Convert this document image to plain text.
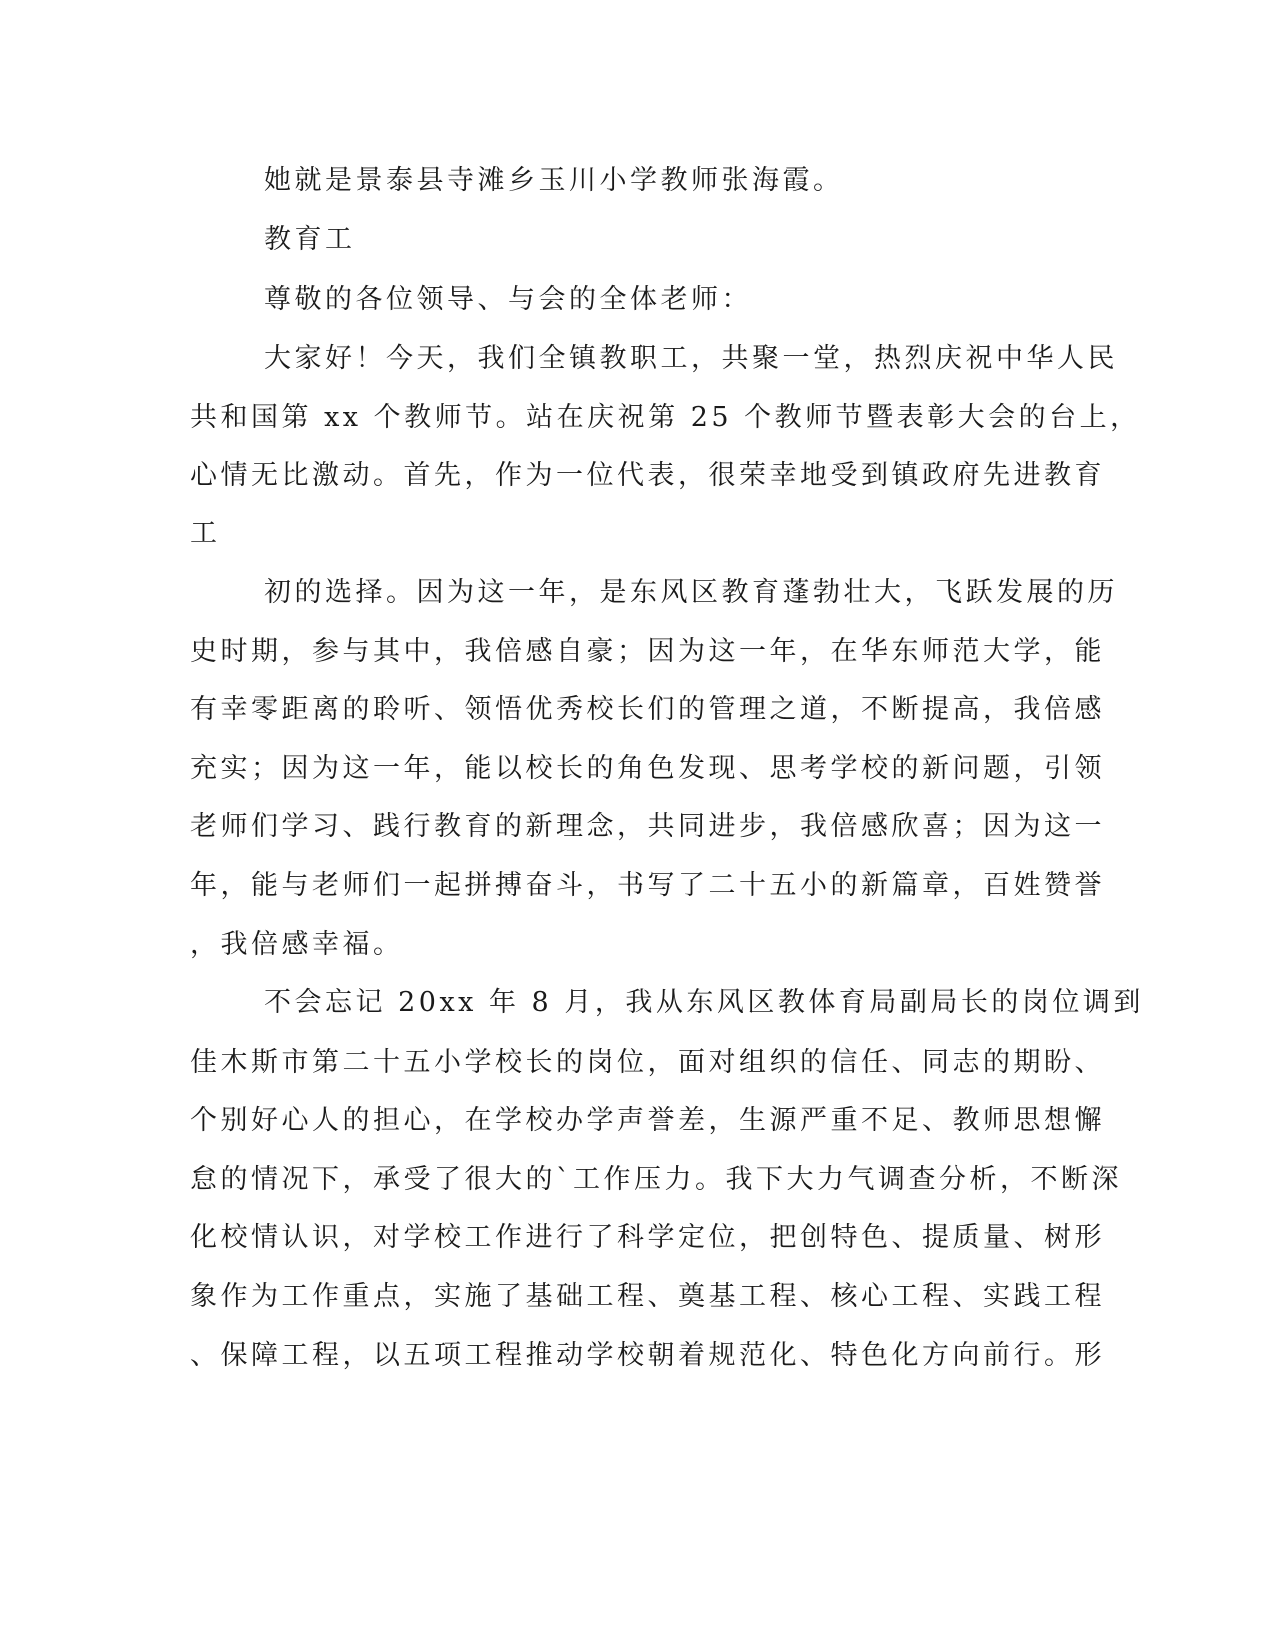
她就是景泰县寺滩乡玉川小学教师张海霞。
教育工
尊敬的各位领导、与会的全体老师：
大家好！今天，我们全镇教职工，共聚一堂，热烈庆祝中华人民
共和国第 xx 个教师节。站在庆祝第 25 个教师节暨表彰大会的台上，
心情无比激动。首先，作为一位代表，很荣幸地受到镇政府先进教育
工
初的选择。因为这一年，是东风区教育蓬勃壮大，飞跃发展的历
史时期，参与其中，我倍感自豪；因为这一年，在华东师范大学，能
有幸零距离的聆听、领悟优秀校长们的管理之道，不断提高，我倍感
充实；因为这一年，能以校长的角色发现、思考学校的新问题，引领
老师们学习、践行教育的新理念，共同进步，我倍感欣喜；因为这一
年，能与老师们一起拼搏奋斗，书写了二十五小的新篇章，百姓赞誉
，我倍感幸福。
不会忘记 20xx 年 8 月，我从东风区教体育局副局长的岗位调到
佳木斯市第二十五小学校长的岗位，面对组织的信任、同志的期盼、
个别好心人的担心，在学校办学声誉差，生源严重不足、教师思想懈
怠的情况下，承受了很大的`工作压力。我下大力气调查分析，不断深
化校情认识，对学校工作进行了科学定位，把创特色、提质量、树形
象作为工作重点，实施了基础工程、奠基工程、核心工程、实践工程
、保障工程，以五项工程推动学校朝着规范化、特色化方向前行。形
